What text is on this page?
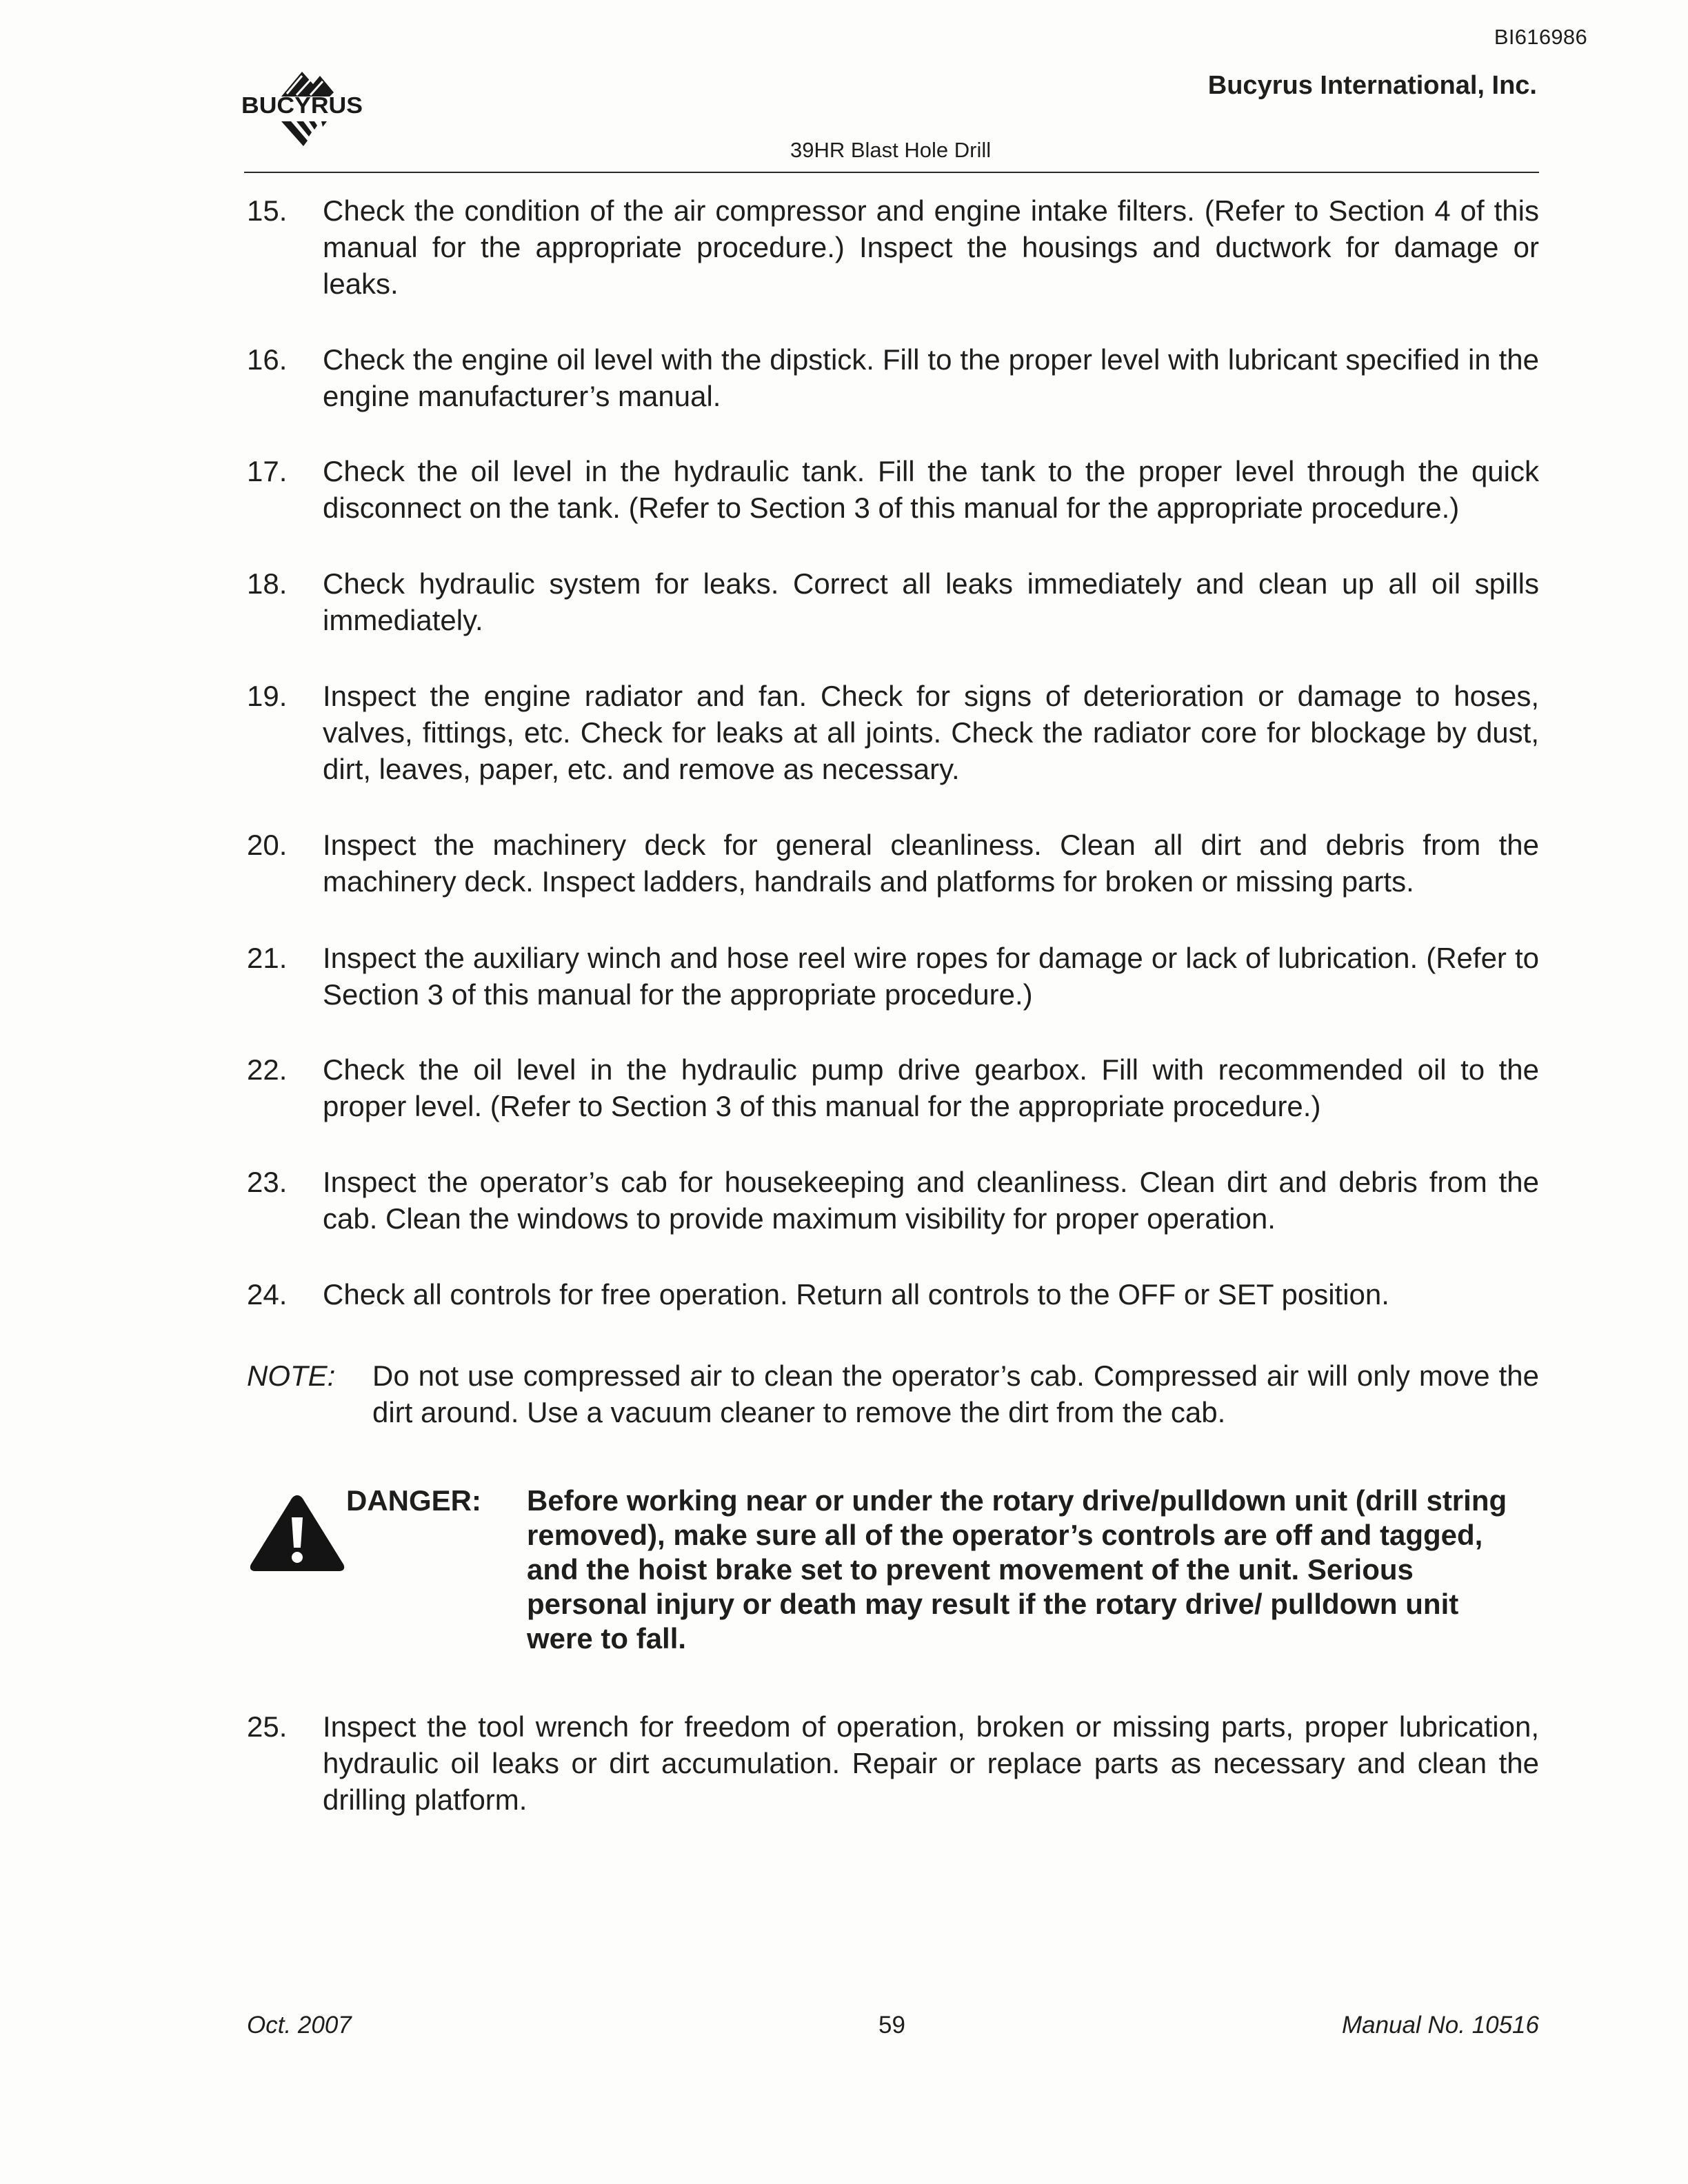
BI616986
BUCYRUS
Bucyrus International, Inc.
39HR Blast Hole Drill
15. Check the condition of the air compressor and engine intake filters. (Refer to Section 4 of this manual for the appropriate procedure.) Inspect the housings and ductwork for damage or leaks.
16. Check the engine oil level with the dipstick. Fill to the proper level with lubricant specified in the engine manufacturer’s manual.
17. Check the oil level in the hydraulic tank. Fill the tank to the proper level through the quick disconnect on the tank. (Refer to Section 3 of this manual for the appropriate procedure.)
18. Check hydraulic system for leaks. Correct all leaks immediately and clean up all oil spills immediately.
19. Inspect the engine radiator and fan. Check for signs of deterioration or damage to hoses, valves, fittings, etc. Check for leaks at all joints. Check the radiator core for blockage by dust, dirt, leaves, paper, etc. and remove as necessary.
20. Inspect the machinery deck for general cleanliness. Clean all dirt and debris from the machinery deck. Inspect ladders, handrails and platforms for broken or missing parts.
21. Inspect the auxiliary winch and hose reel wire ropes for damage or lack of lubrication. (Refer to Section 3 of this manual for the appropriate procedure.)
22. Check the oil level in the hydraulic pump drive gearbox. Fill with recommended oil to the proper level. (Refer to Section 3 of this manual for the appropriate procedure.)
23. Inspect the operator’s cab for housekeeping and cleanliness. Clean dirt and debris from the cab. Clean the windows to provide maximum visibility for proper operation.
24. Check all controls for free operation. Return all controls to the OFF or SET position.
NOTE: Do not use compressed air to clean the operator’s cab. Compressed air will only move the dirt around. Use a vacuum cleaner to remove the dirt from the cab.
DANGER: Before working near or under the rotary drive/pulldown unit (drill string removed), make sure all of the operator’s controls are off and tagged, and the hoist brake set to prevent movement of the unit. Serious personal injury or death may result if the rotary drive/ pulldown unit were to fall.
25. Inspect the tool wrench for freedom of operation, broken or missing parts, proper lubrication, hydraulic oil leaks or dirt accumulation. Repair or replace parts as necessary and clean the drilling platform.
Oct. 2007	59	Manual No. 10516
